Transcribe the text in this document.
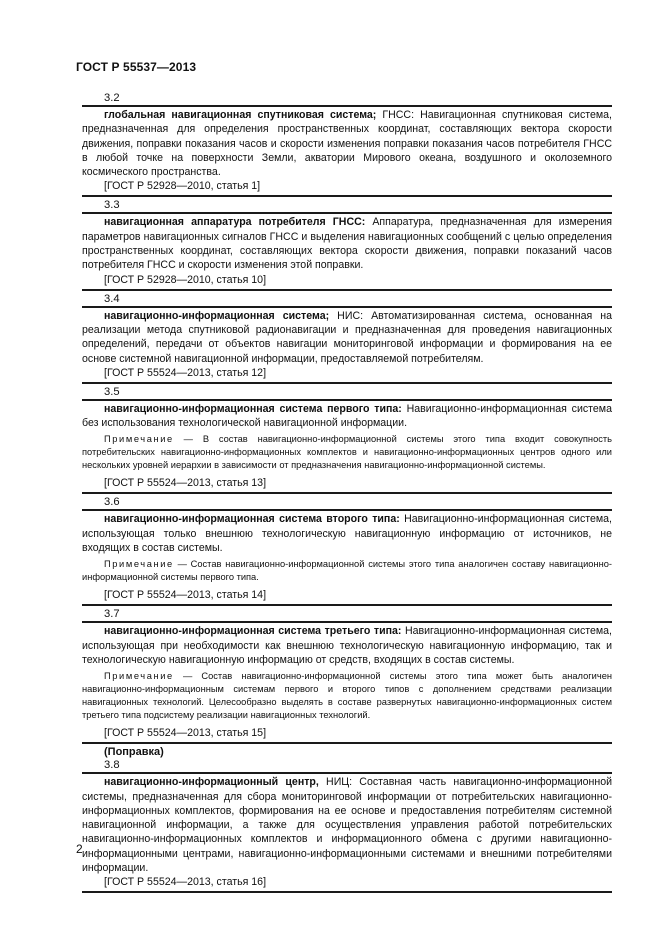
ГОСТ Р 55537—2013
3.2

глобальная навигационная спутниковая система; ГНСС: Навигационная спутниковая система, предназначенная для определения пространственных координат, составляющих вектора скорости движения, поправки показания часов и скорости изменения поправки показания часов потребителя ГНСС в любой точке на поверхности Земли, акватории Мирового океана, воздушного и околоземного космического пространства.

[ГОСТ Р 52928—2010, статья 1]
3.3

навигационная аппаратура потребителя ГНСС: Аппаратура, предназначенная для измерения параметров навигационных сигналов ГНСС и выделения навигационных сообщений с целью определения пространственных координат, составляющих вектора скорости движения, поправки показаний часов потребителя ГНСС и скорости изменения этой поправки.

[ГОСТ Р 52928—2010, статья 10]
3.4

навигационно-информационная система; НИС: Автоматизированная система, основанная на реализации метода спутниковой радионавигации и предназначенная для проведения навигационных определений, передачи от объектов навигации мониторинговой информации и формирования на ее основе системной навигационной информации, предоставляемой потребителям.

[ГОСТ Р 55524—2013, статья 12]
3.5

навигационно-информационная система первого типа: Навигационно-информационная система без использования технологической навигационной информации.

Примечание — В состав навигационно-информационной системы этого типа входит совокупность потребительских навигационно-информационных комплектов и навигационно-информационных центров одного или нескольких уровней иерархии в зависимости от предназначения навигационно-информационной системы.

[ГОСТ Р 55524—2013, статья 13]
3.6

навигационно-информационная система второго типа: Навигационно-информационная система, использующая только внешнюю технологическую навигационную информацию от источников, не входящих в состав системы.

Примечание — Состав навигационно-информационной системы этого типа аналогичен составу навигационно-информационной системы первого типа.

[ГОСТ Р 55524—2013, статья 14]
3.7

навигационно-информационная система третьего типа: Навигационно-информационная система, использующая при необходимости как внешнюю технологическую навигационную информацию, так и технологическую навигационную информацию от средств, входящих в состав системы.

Примечание — Состав навигационно-информационной системы этого типа может быть аналогичен навигационно-информационным системам первого и второго типов с дополнением средствами реализации навигационных технологий. Целесообразно выделять в составе развернутых навигационно-информационных систем третьего типа подсистему реализации навигационных технологий.

[ГОСТ Р 55524—2013, статья 15]
(Поправка)
3.8

навигационно-информационный центр, НИЦ: Составная часть навигационно-информационной системы, предназначенная для сбора мониторинговой информации от потребительских навигационно-информационных комплектов, формирования на ее основе и предоставления потребителям системной навигационной информации, а также для осуществления управления работой потребительских навигационно-информационных комплектов и информационного обмена с другими навигационно-информационными центрами, навигационно-информационными системами и внешними потребителями информации.

[ГОСТ Р 55524—2013, статья 16]
2
